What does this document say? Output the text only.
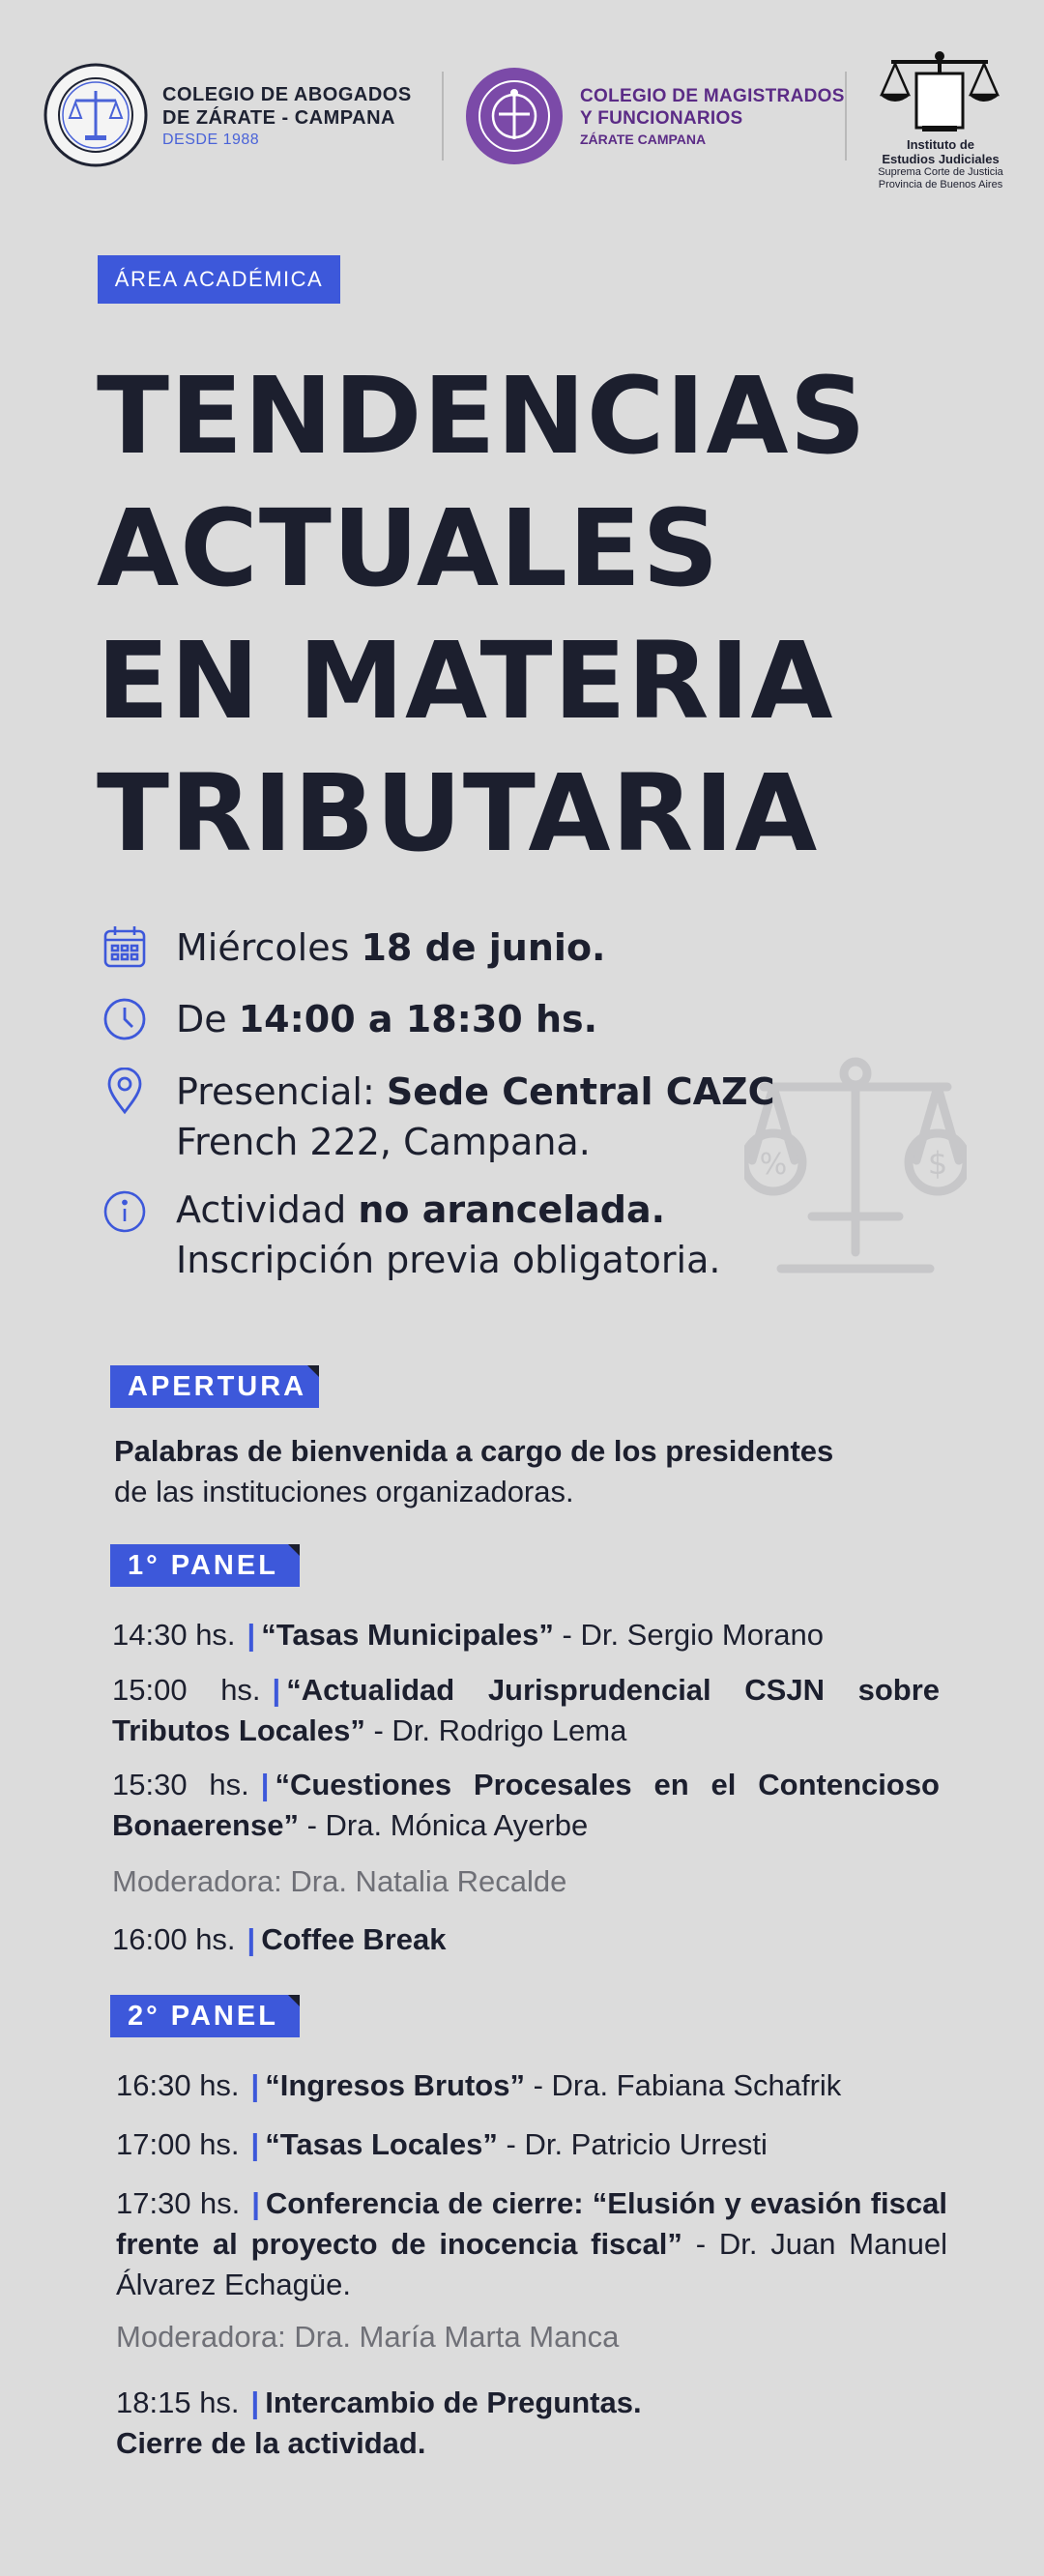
COLEGIO DE ABOGADOS
DE ZÁRATE - CAMPANA
DESDE 1988
COLEGIO DE MAGISTRADOS
Y FUNCIONARIOS
ZÁRATE CAMPANA	Instituto de
Estudios Judiciales
Suprema Corte de Justicia
Provincia de Buenos Aires
ÁREA ACADÉMICA
TENDENCIAS
ACTUALES
EN MATERIA
TRIBUTARIA
%	$
Miércoles 18 de junio.
De 14:00 a 18:30 hs.
Presencial: Sede Central CAZC
French 222, Campana.
Actividad no arancelada.
Inscripción previa obligatoria.
APERTURA
Palabras de bienvenida a cargo de los presidentes
de las instituciones organizadoras.
1° PANEL
14:30 hs. | “Tasas Municipales” - Dr. Sergio Morano
15:00 hs. | “Actualidad Jurisprudencial CSJN sobre Tributos Locales” - Dr. Rodrigo Lema
15:30 hs. | “Cuestiones Procesales en el Contencioso Bonaerense” - Dra. Mónica Ayerbe
Moderadora: Dra. Natalia Recalde
16:00 hs. | Coffee Break
2° PANEL
16:30 hs. | “Ingresos Brutos” - Dra. Fabiana Schafrik
17:00 hs. | “Tasas Locales” - Dr. Patricio Urresti
17:30 hs. | Conferencia de cierre: “Elusión y evasión fiscal frente al proyecto de inocencia fiscal” - Dr. Juan Manuel Álvarez Echagüe.
Moderadora: Dra. María Marta Manca
18:15 hs. | Intercambio de Preguntas.
Cierre de la actividad.
